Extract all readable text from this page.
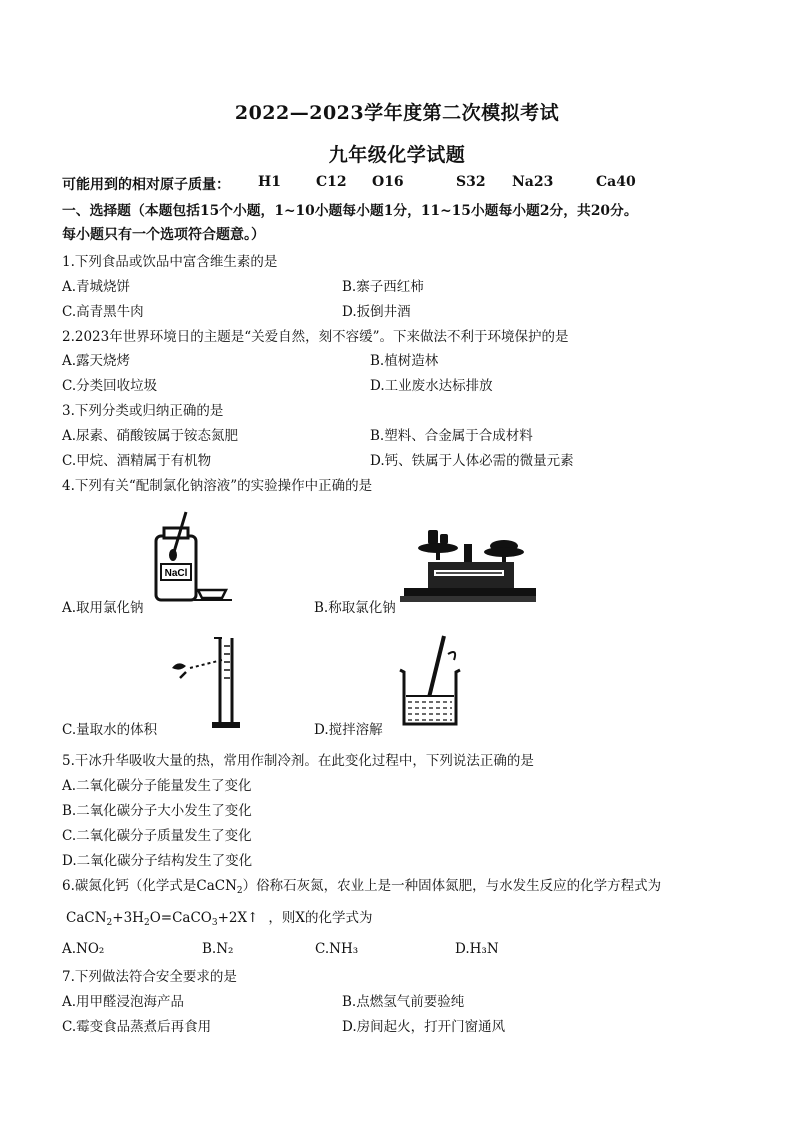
2022—2023学年度第二次模拟考试
九年级化学试题
可能用到的相对原子质量： H1	C12 O16	S32 Na23	Ca40
一、选择题（本题包括15个小题，1~10小题每小题1分，11~15小题每小题2分，共20分。
每小题只有一个选项符合题意。）
1.下列食品或饮品中富含维生素的是
A.青城烧饼	B.寨子西红柿
C.高青黑牛肉	D.扳倒井酒
2.2023年世界环境日的主题是“关爱自然，刻不容缓”。下来做法不利于环境保护的是
A.露天烧烤	B.植树造林
C.分类回收垃圾	D.工业废水达标排放
3.下列分类或归纳正确的是
A.尿素、硝酸铵属于铵态氮肥	B.塑料、合金属于合成材料
C.甲烷、酒精属于有机物	D.钙、铁属于人体必需的微量元素
4.下列有关“配制氯化钠溶液”的实验操作中正确的是
NaCl
A.取用氯化钠	B.称取氯化钠
C.量取水的体积	D.搅拌溶解
5.干冰升华吸收大量的热，常用作制冷剂。在此变化过程中，下列说法正确的是
A.二氧化碳分子能量发生了变化
B.二氧化碳分子大小发生了变化
C.二氧化碳分子质量发生了变化
D.二氧化碳分子结构发生了变化
6.碳氮化钙（化学式是CaCN$_2$）俗称石灰氮，农业上是一种固体氮肥，与水发生反应的化学方程式为
$CaCN_2+3H_2O=CaCO_3+2X↑$ ，则X的化学式为
A.NO₂	B.N₂	C.NH₃	D.H₃N
7.下列做法符合安全要求的是
A.用甲醛浸泡海产品	B.点燃氢气前要验纯
C.霉变食品蒸煮后再食用	D.房间起火，打开门窗通风
